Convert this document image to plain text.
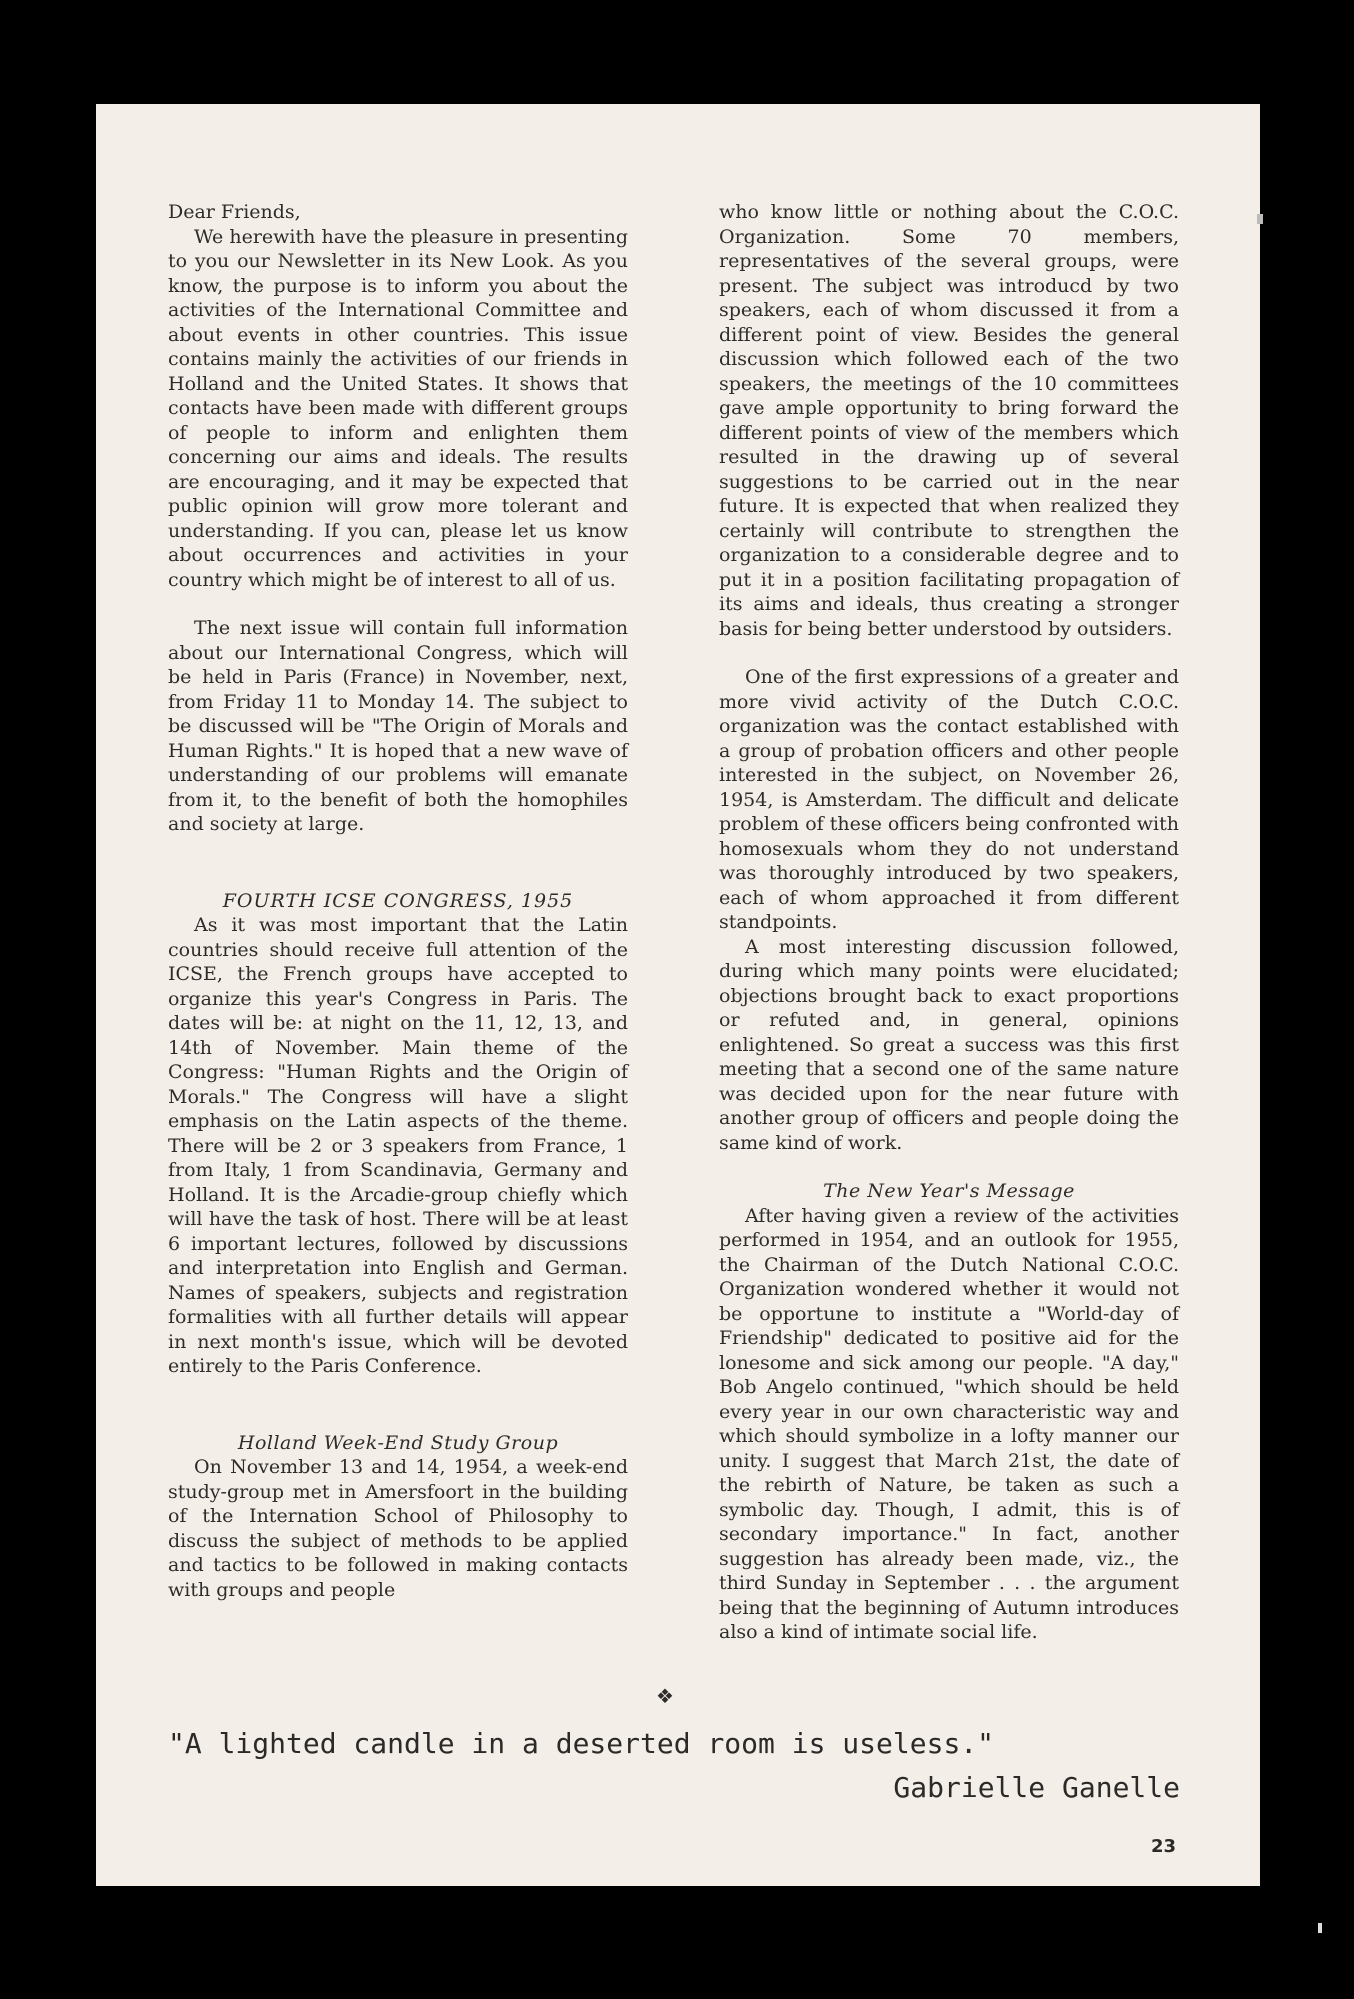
Dear Friends,

We herewith have the pleasure in presenting to you our Newsletter in its New Look. As you know, the purpose is to inform you about the activities of the International Committee and about events in other countries. This issue contains mainly the activities of our friends in Holland and the United States. It shows that contacts have been made with different groups of people to inform and enlighten them concerning our aims and ideals. The results are encouraging, and it may be expected that public opinion will grow more tolerant and understanding. If you can, please let us know about occurrences and activities in your country which might be of interest to all of us.

The next issue will contain full information about our International Congress, which will be held in Paris (France) in November, next, from Friday 11 to Monday 14. The subject to be discussed will be "The Origin of Morals and Human Rights." It is hoped that a new wave of understanding of our problems will emanate from it, to the benefit of both the homophiles and society at large.

FOURTH ICSE CONGRESS, 1955

As it was most important that the Latin countries should receive full attention of the ICSE, the French groups have accepted to organize this year's Congress in Paris. The dates will be: at night on the 11, 12, 13, and 14th of November. Main theme of the Congress: "Human Rights and the Origin of Morals." The Congress will have a slight emphasis on the Latin aspects of the theme. There will be 2 or 3 speakers from France, 1 from Italy, 1 from Scandinavia, Germany and Holland. It is the Arcadie-group chiefly which will have the task of host. There will be at least 6 important lectures, followed by discussions and interpretation into English and German. Names of speakers, subjects and registration formalities with all further details will appear in next month's issue, which will be devoted entirely to the Paris Conference.

Holland Week-End Study Group

On November 13 and 14, 1954, a week-end study-group met in Amersfoort in the building of the Internation School of Philosophy to discuss the subject of methods to be applied and tactics to be followed in making contacts with groups and people

who know little or nothing about the C.O.C. Organization. Some 70 members, representatives of the several groups, were present. The subject was introducd by two speakers, each of whom discussed it from a different point of view. Besides the general discussion which followed each of the two speakers, the meetings of the 10 committees gave ample opportunity to bring forward the different points of view of the members which resulted in the drawing up of several suggestions to be carried out in the near future. It is expected that when realized they certainly will contribute to strengthen the organization to a considerable degree and to put it in a position facilitating propagation of its aims and ideals, thus creating a stronger basis for being better understood by outsiders.

One of the first expressions of a greater and more vivid activity of the Dutch C.O.C. organization was the contact established with a group of probation officers and other people interested in the subject, on November 26, 1954, is Amsterdam. The difficult and delicate problem of these officers being confronted with homosexuals whom they do not understand was thoroughly introduced by two speakers, each of whom approached it from different standpoints.

A most interesting discussion followed, during which many points were elucidated; objections brought back to exact proportions or refuted and, in general, opinions enlightened. So great a success was this first meeting that a second one of the same nature was decided upon for the near future with another group of officers and people doing the same kind of work.

The New Year's Message

After having given a review of the activities performed in 1954, and an outlook for 1955, the Chairman of the Dutch National C.O.C. Organization wondered whether it would not be opportune to institute a "World-day of Friendship" dedicated to positive aid for the lonesome and sick among our people. "A day," Bob Angelo continued, "which should be held every year in our own characteristic way and which should symbolize in a lofty manner our unity. I suggest that March 21st, the date of the rebirth of Nature, be taken as such a symbolic day. Though, I admit, this is of secondary importance." In fact, another suggestion has already been made, viz., the third Sunday in September . . . the argument being that the beginning of Autumn introduces also a kind of intimate social life.

❖
"A lighted candle in a deserted room is useless."
Gabrielle Ganelle
23
